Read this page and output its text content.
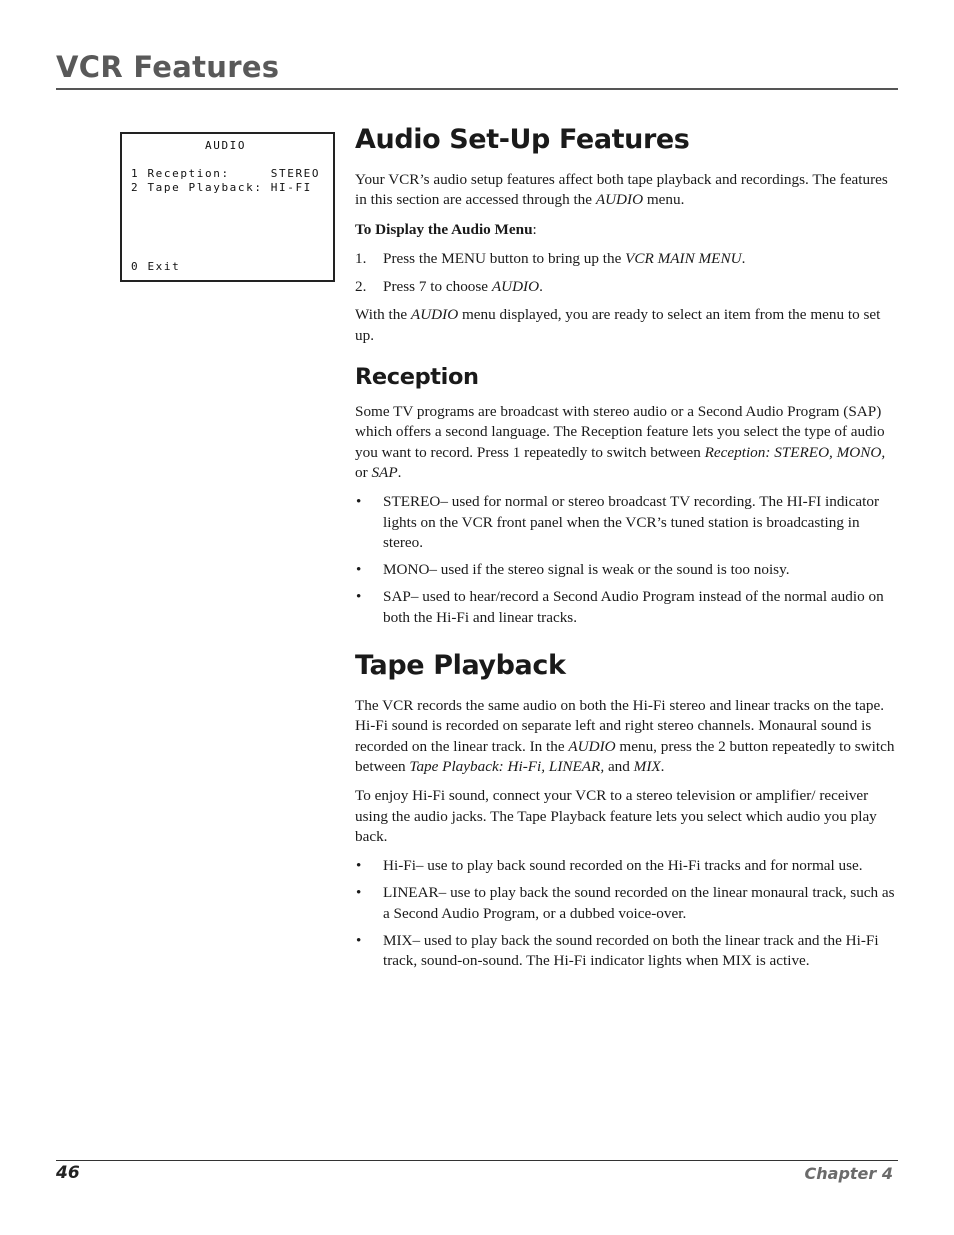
VCR Features
AUDIO
1 Reception:     STEREO
2 Tape Playback: HI-FI
0 Exit
Audio Set-Up Features

Your VCR’s audio setup features affect both tape playback and recordings. The features in this section are accessed through the AUDIO menu.

To Display the Audio Menu:

1. Press the MENU button to bring up the VCR MAIN MENU.
2. Press 7 to choose AUDIO.

With the AUDIO menu displayed, you are ready to select an item from the menu to set up.

Reception

Some TV programs are broadcast with stereo audio or a Second Audio Program (SAP) which offers a second language. The Reception feature lets you select the type of audio you want to record. Press 1 repeatedly to switch between Reception: STEREO, MONO, or SAP.

• STEREO– used for normal or stereo broadcast TV recording. The HI-FI indicator lights on the VCR front panel when the VCR’s tuned station is broadcasting in stereo.
• MONO– used if the stereo signal is weak or the sound is too noisy.
• SAP– used to hear/record a Second Audio Program instead of the normal audio on both the Hi-Fi and linear tracks.
Tape Playback

The VCR records the same audio on both the Hi-Fi stereo and linear tracks on the tape. Hi-Fi sound is recorded on separate left and right stereo channels. Monaural sound is recorded on the linear track. In the AUDIO menu, press the 2 button repeatedly to switch between Tape Playback: Hi-Fi, LINEAR, and MIX.

To enjoy Hi-Fi sound, connect your VCR to a stereo television or amplifier/ receiver using the audio jacks. The Tape Playback feature lets you select which audio you play back.

• Hi-Fi– use to play back sound recorded on the Hi-Fi tracks and for normal use.
• LINEAR– use to play back the sound recorded on the linear monaural track, such as a Second Audio Program, or a dubbed voice-over.
• MIX– used to play back the sound recorded on both the linear track and the Hi-Fi track, sound-on-sound. The Hi-Fi indicator lights when MIX is active.
46	Chapter 4
